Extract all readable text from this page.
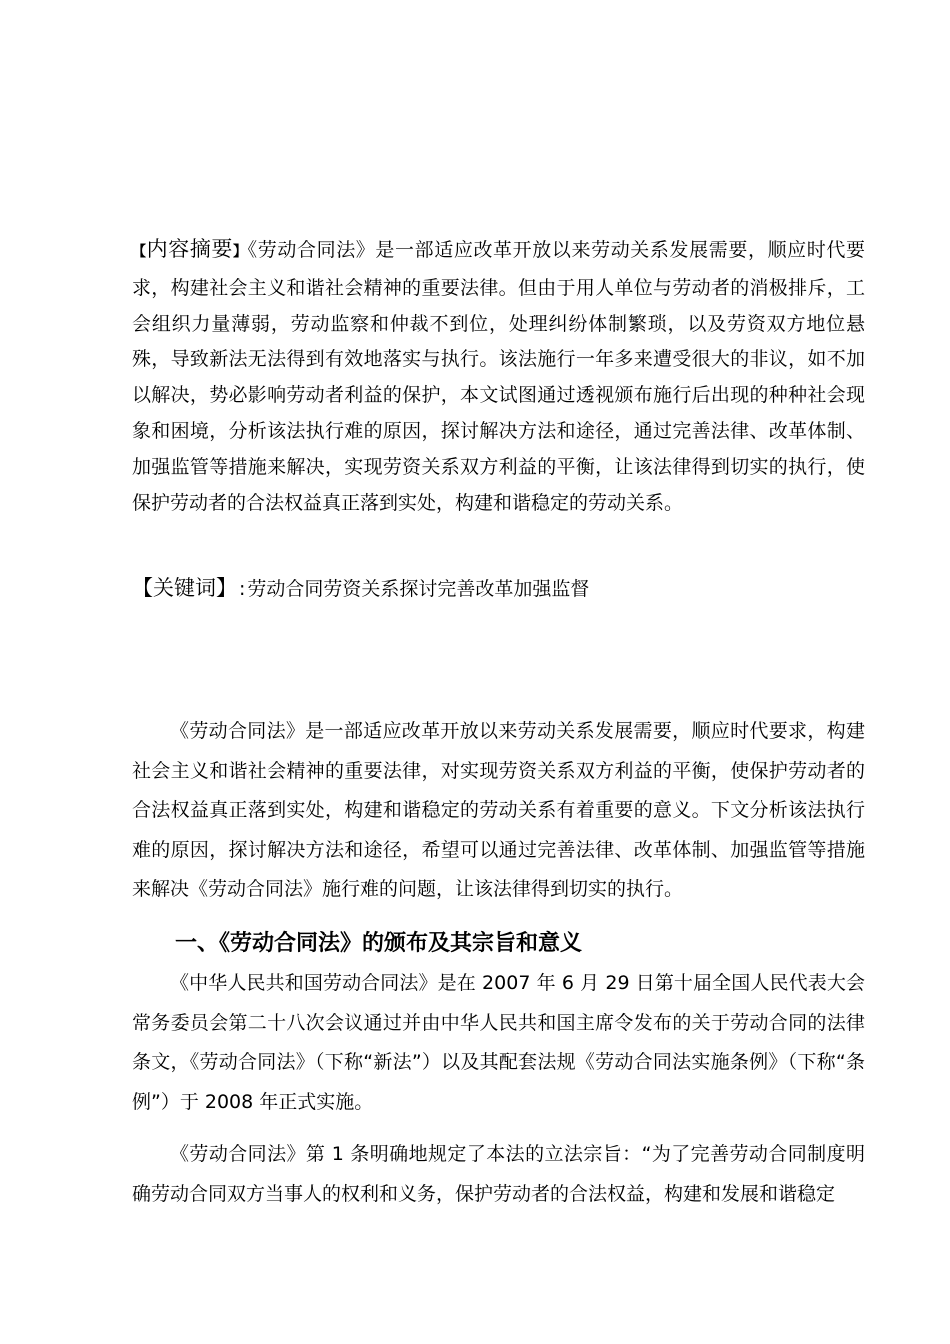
【内容摘要】《劳动合同法》是一部适应改革开放以来劳动关系发展需要，顺应时代要求，构建社会主义和谐社会精神的重要法律。但由于用人单位与劳动者的消极排斥，工会组织力量薄弱，劳动监察和仲裁不到位，处理纠纷体制繁琐，以及劳资双方地位悬殊，导致新法无法得到有效地落实与执行。该法施行一年多来遭受很大的非议，如不加以解决，势必影响劳动者利益的保护，本文试图通过透视颁布施行后出现的种种社会现象和困境，分析该法执行难的原因，探讨解决方法和途径，通过完善法律、改革体制、加强监管等措施来解决，实现劳资关系双方利益的平衡，让该法律得到切实的执行，使保护劳动者的合法权益真正落到实处，构建和谐稳定的劳动关系。

【关键词】 : 劳动合同劳资关系探讨完善改革加强监督

《劳动合同法》是一部适应改革开放以来劳动关系发展需要，顺应时代要求，构建社会主义和谐社会精神的重要法律，对实现劳资关系双方利益的平衡，使保护劳动者的合法权益真正落到实处，构建和谐稳定的劳动关系有着重要的意义。下文分析该法执行难的原因，探讨解决方法和途径，希望可以通过完善法律、改革体制、加强监管等措施来解决《劳动合同法》施行难的问题，让该法律得到切实的执行。

一、《劳动合同法》的颁布及其宗旨和意义

《中华人民共和国劳动合同法》是在 2007 年 6 月 29 日第十届全国人民代表大会常务委员会第二十八次会议通过并由中华人民共和国主席令发布的关于劳动合同的法律条文，《劳动合同法》（下称“新法”）以及其配套法规《劳动合同法实施条例》（下称“条例”）于 2008 年正式实施。

《劳动合同法》第 1 条明确地规定了本法的立法宗旨：“为了完善劳动合同制度明确劳动合同双方当事人的权利和义务，保护劳动者的合法权益，构建和发展和谐稳定
